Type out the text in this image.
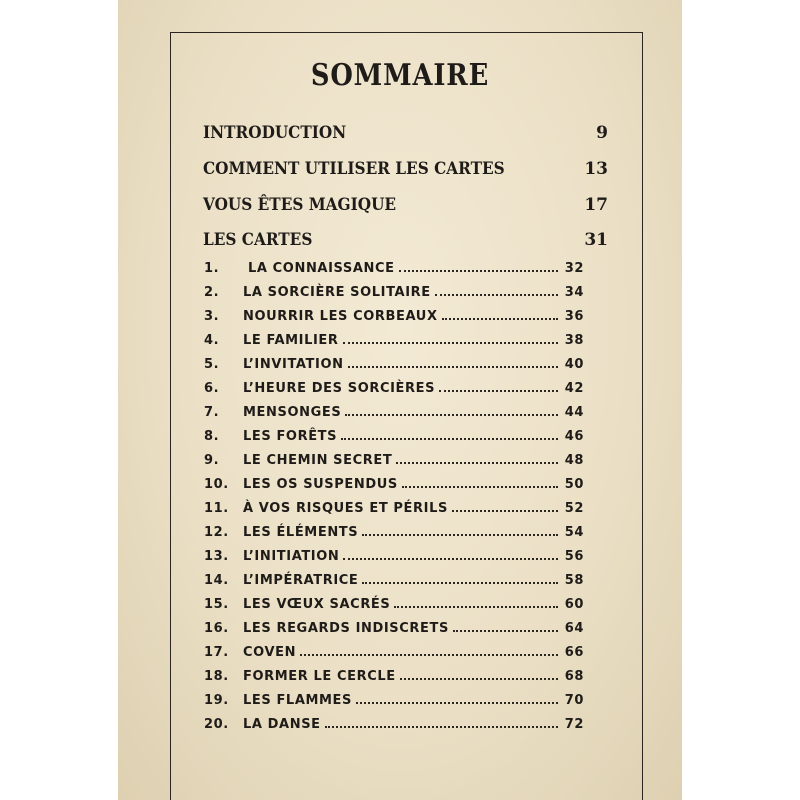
SOMMAIRE
INTRODUCTION	9
COMMENT UTILISER LES CARTES	13
VOUS ÊTES MAGIQUE	17
LES CARTES	31
1.	LA CONNAISSANCE	32
2.	LA SORCIÈRE SOLITAIRE	34
3.	NOURRIR LES CORBEAUX	36
4.	LE FAMILIER	38
5.	L’INVITATION	40
6.	L’HEURE DES SORCIÈRES	42
7.	MENSONGES	44
8.	LES FORÊTS	46
9.	LE CHEMIN SECRET	48
10.	LES OS SUSPENDUS	50
11.	À VOS RISQUES ET PÉRILS	52
12.	LES ÉLÉMENTS	54
13.	L’INITIATION	56
14.	L’IMPÉRATRICE	58
15.	LES VŒUX SACRÉS	60
16.	LES REGARDS INDISCRETS	64
17.	COVEN	66
18.	FORMER LE CERCLE	68
19.	LES FLAMMES	70
20.	LA DANSE	72
